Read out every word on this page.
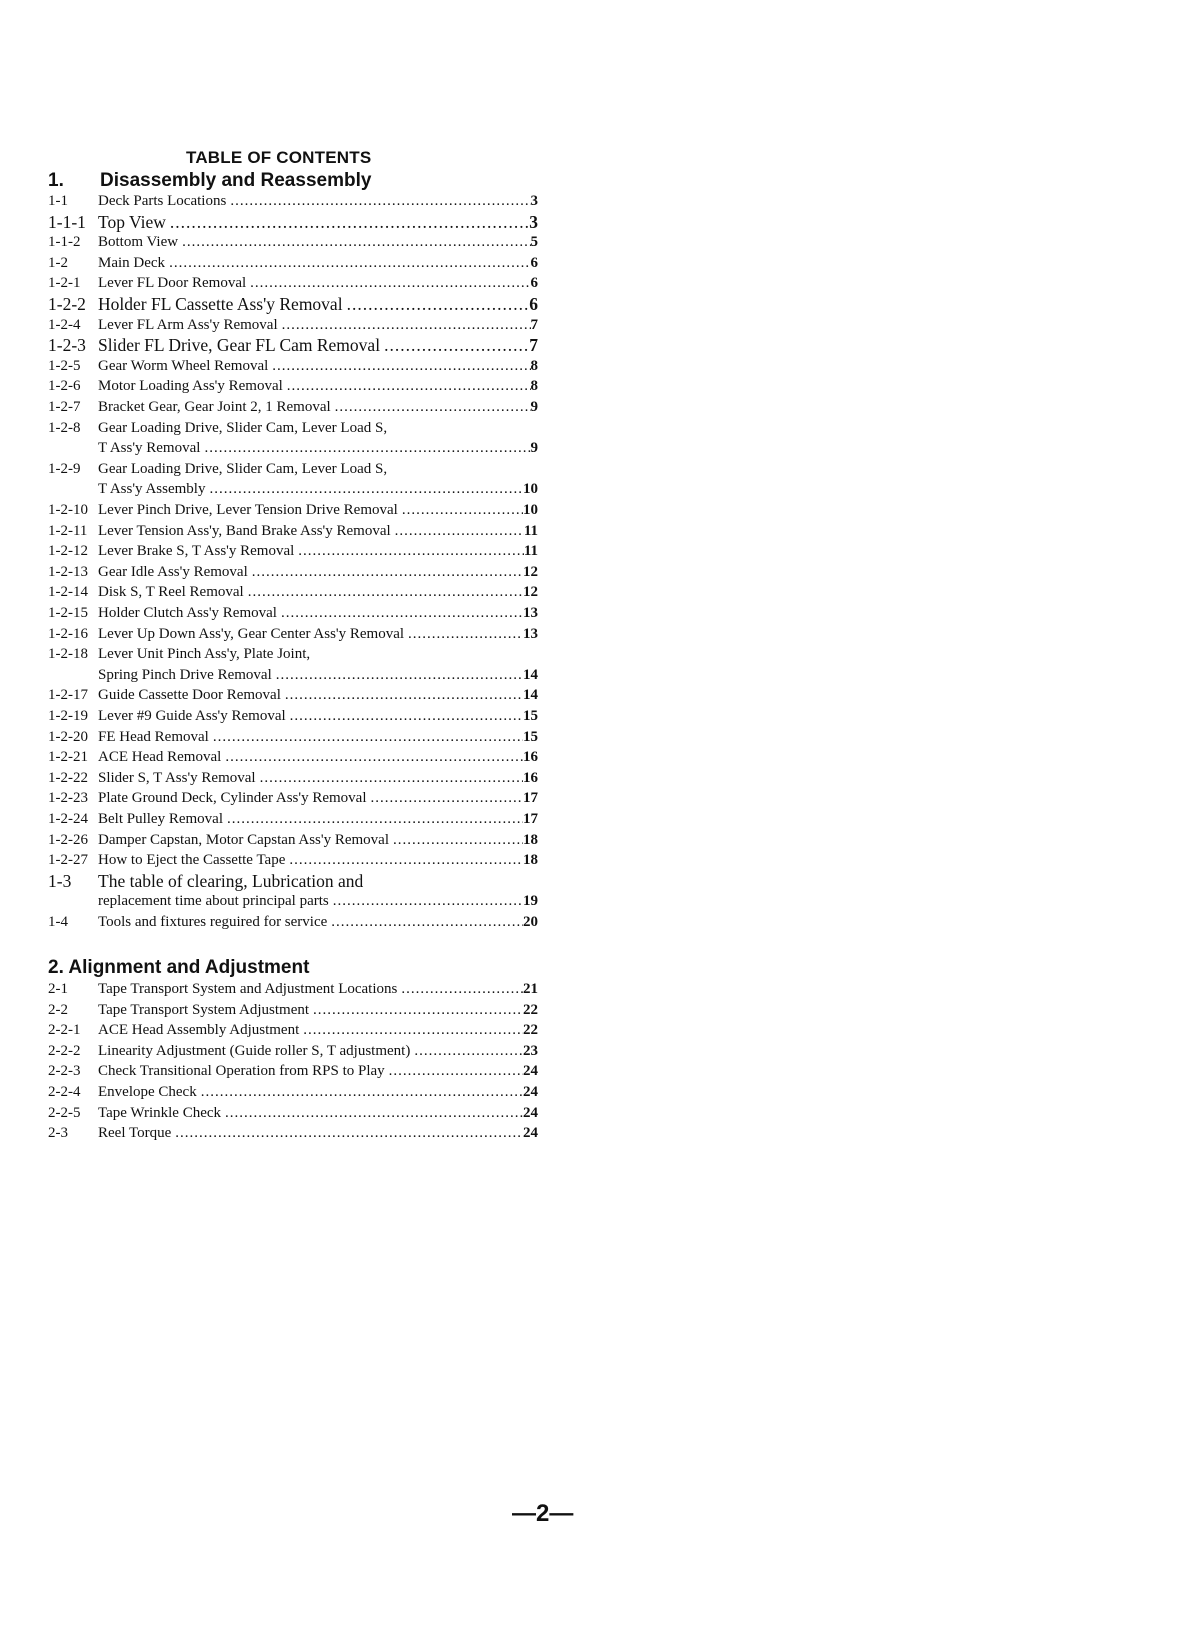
TABLE OF CONTENTS
1. Disassembly and Reassembly
1-1 Deck Parts Locations .....	3
1-1-1 Top View .....	3
1-1-2 Bottom View .....	5
1-2 Main Deck .....	6
1-2-1 Lever FL Door Removal .....	6
1-2-2 Holder FL Cassette Ass'y Removal .....	6
1-2-4 Lever FL Arm Ass'y Removal .....	7
1-2-3 Slider FL Drive, Gear FL Cam Removal .....	7
1-2-5 Gear Worm Wheel Removal .....	8
1-2-6 Motor Loading Ass'y Removal .....	8
1-2-7 Bracket Gear, Gear Joint 2, 1 Removal .....	9
1-2-8 Gear Loading Drive, Slider Cam, Lever Load S,
T Ass'y Removal .....	9
1-2-9 Gear Loading Drive, Slider Cam, Lever Load S,
T Ass'y Assembly .....	10
1-2-10 Lever Pinch Drive, Lever Tension Drive Removal .....	10
1-2-11 Lever Tension Ass'y, Band Brake Ass'y Removal .....	11
1-2-12 Lever Brake S, T Ass'y Removal .....	11
1-2-13 Gear Idle Ass'y Removal .....	12
1-2-14 Disk S, T Reel Removal .....	12
1-2-15 Holder Clutch Ass'y Removal .....	13
1-2-16 Lever Up Down Ass'y, Gear Center Ass'y Removal .....	13
1-2-18 Lever Unit Pinch Ass'y, Plate Joint,
Spring Pinch Drive Removal .....	14
1-2-17 Guide Cassette Door Removal .....	14
1-2-19 Lever #9 Guide Ass'y Removal .....	15
1-2-20 FE Head Removal .....	15
1-2-21 ACE Head Removal .....	16
1-2-22 Slider S, T Ass'y Removal .....	16
1-2-23 Plate Ground Deck, Cylinder Ass'y Removal .....	17
1-2-24 Belt Pulley Removal .....	17
1-2-26 Damper Capstan, Motor Capstan Ass'y Removal .....	18
1-2-27 How to Eject the Cassette Tape .....	18
1-3 The table of clearing, Lubrication and
replacement time about principal parts .....	19
1-4 Tools and fixtures reguired for service .....	20
2. Alignment and Adjustment
2-1 Tape Transport System and Adjustment Locations .....	21
2-2 Tape Transport System Adjustment .....	22
2-2-1 ACE Head Assembly Adjustment .....	22
2-2-2 Linearity Adjustment (Guide roller S, T adjustment) .....	23
2-2-3 Check Transitional Operation from RPS to Play .....	24
2-2-4 Envelope Check .....	24
2-2-5 Tape Wrinkle Check .....	24
2-3 Reel Torque .....	24
—2—
